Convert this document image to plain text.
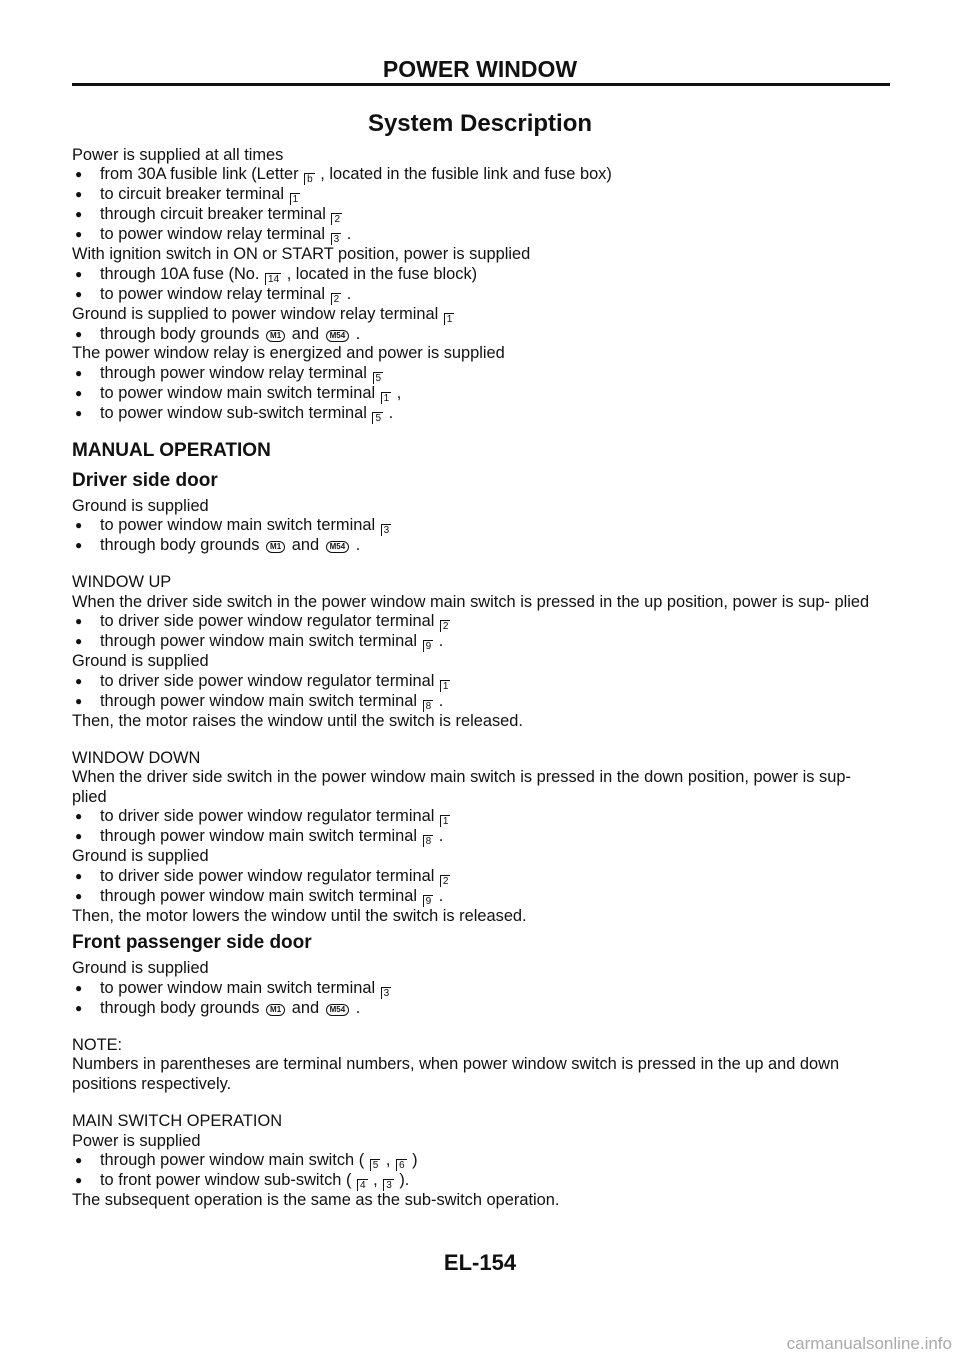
POWER WINDOW
System Description
Power is supplied at all times
● from 30A fusible link (Letter b , located in the fusible link and fuse box)
● to circuit breaker terminal 1
● through circuit breaker terminal 2
● to power window relay terminal 3 .
With ignition switch in ON or START position, power is supplied
● through 10A fuse (No. 14 , located in the fuse block)
● to power window relay terminal 2 .
Ground is supplied to power window relay terminal 1
● through body grounds M1 and M54 .
The power window relay is energized and power is supplied
● through power window relay terminal 5
● to power window main switch terminal 1 ,
● to power window sub-switch terminal 5 .
MANUAL OPERATION
Driver side door
Ground is supplied
● to power window main switch terminal 3
● through body grounds M1 and M54 .
WINDOW UP
When the driver side switch in the power window main switch is pressed in the up position, power is sup- plied
● to driver side power window regulator terminal 2
● through power window main switch terminal 9 .
Ground is supplied
● to driver side power window regulator terminal 1
● through power window main switch terminal 8 .
Then, the motor raises the window until the switch is released.
WINDOW DOWN
When the driver side switch in the power window main switch is pressed in the down position, power is sup- plied
● to driver side power window regulator terminal 1
● through power window main switch terminal 8 .
Ground is supplied
● to driver side power window regulator terminal 2
● through power window main switch terminal 9 .
Then, the motor lowers the window until the switch is released.
Front passenger side door
Ground is supplied
● to power window main switch terminal 3
● through body grounds M1 and M54 .
NOTE:
Numbers in parentheses are terminal numbers, when power window switch is pressed in the up and down positions respectively.
MAIN SWITCH OPERATION
Power is supplied
● through power window main switch ( 5 , 6 )
● to front power window sub-switch ( 4 , 3 ).
The subsequent operation is the same as the sub-switch operation.
EL-154
carmanualsonline.info
